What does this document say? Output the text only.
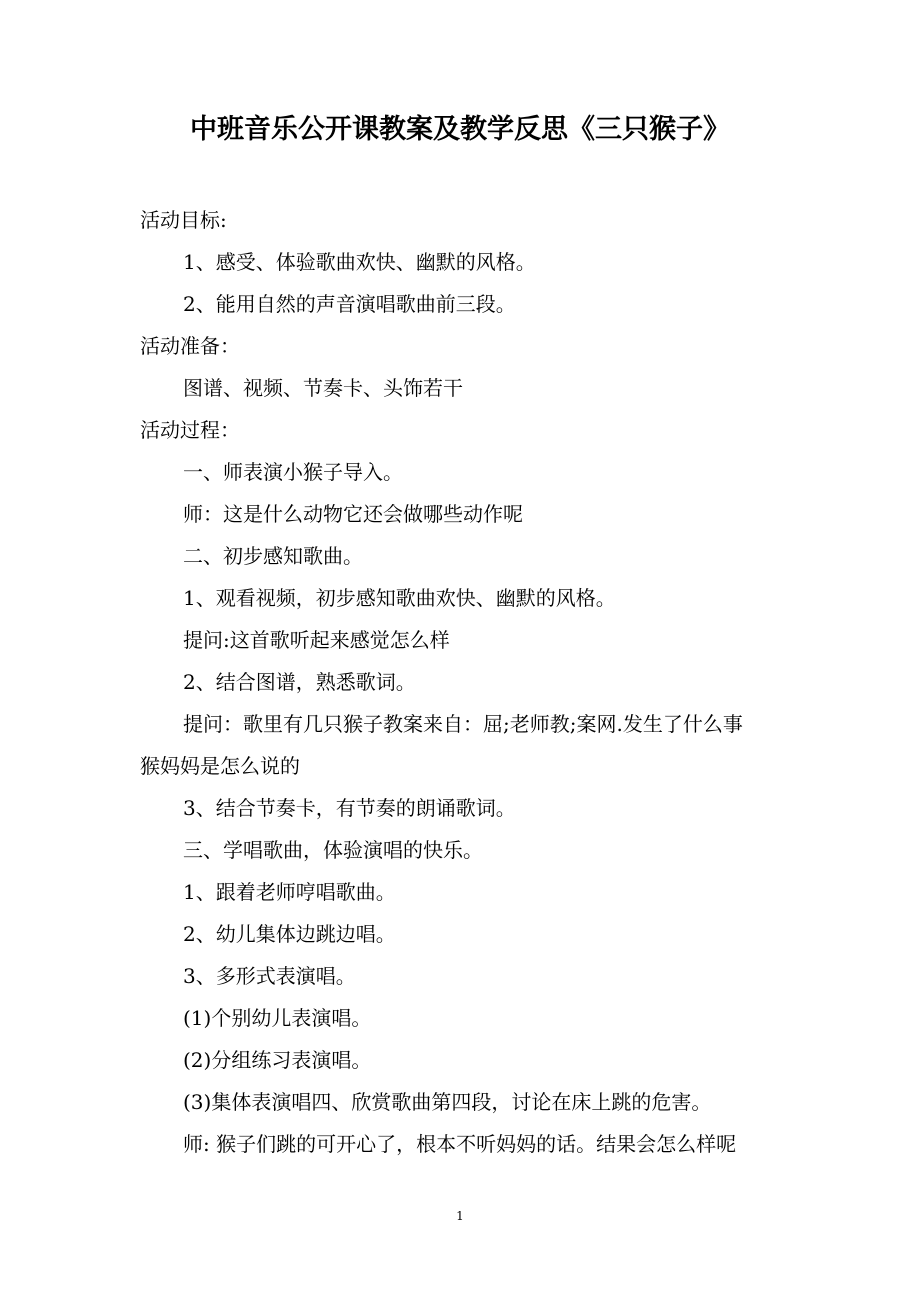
中班音乐公开课教案及教学反思《三只猴子》
活动目标:
1、感受、体验歌曲欢快、幽默的风格。
2、能用自然的声音演唱歌曲前三段。
活动准备：
图谱、视频、节奏卡、头饰若干
活动过程：
一、师表演小猴子导入。
师：这是什么动物它还会做哪些动作呢
二、初步感知歌曲。
1、观看视频，初步感知歌曲欢快、幽默的风格。
提问:这首歌听起来感觉怎么样
2、结合图谱，熟悉歌词。
提问：歌里有几只猴子教案来自：屈;老师教;案网.发生了什么事
猴妈妈是怎么说的
3、结合节奏卡，有节奏的朗诵歌词。
三、学唱歌曲，体验演唱的快乐。
1、跟着老师哼唱歌曲。
2、幼儿集体边跳边唱。
3、多形式表演唱。
(1)个别幼儿表演唱。
(2)分组练习表演唱。
(3)集体表演唱四、欣赏歌曲第四段，讨论在床上跳的危害。
师: 猴子们跳的可开心了，根本不听妈妈的话。结果会怎么样呢
1
